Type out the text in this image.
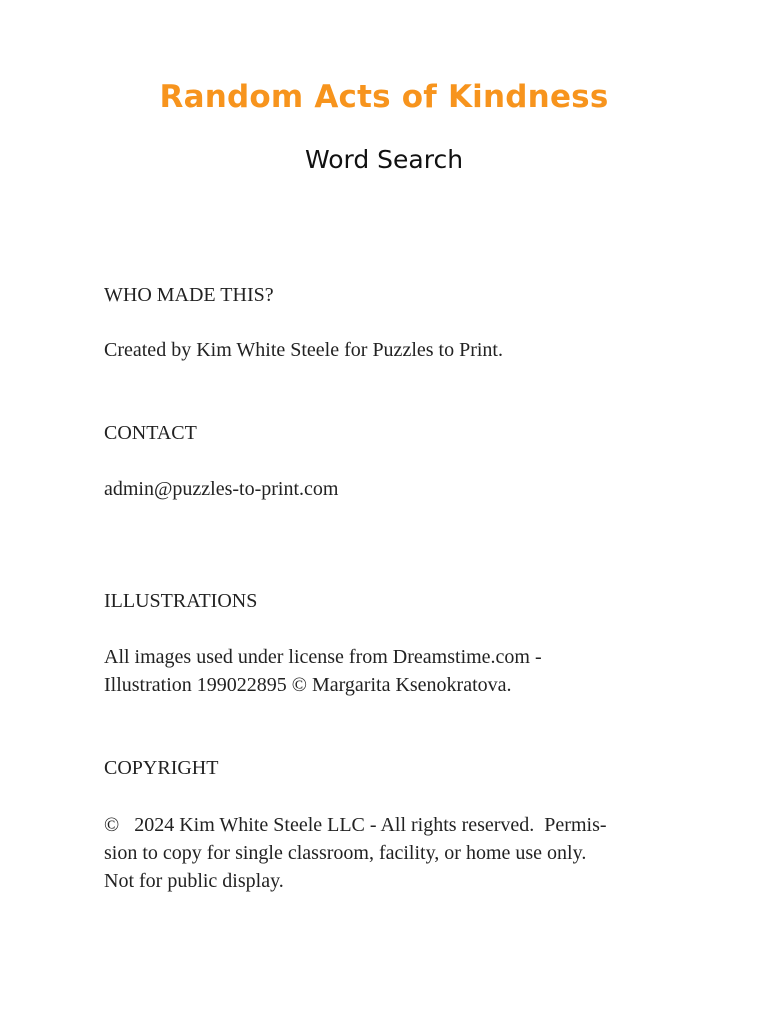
Random Acts of Kindness
Word Search
WHO MADE THIS?
Created by Kim White Steele for Puzzles to Print.
CONTACT
admin@puzzles-to-print.com
ILLUSTRATIONS
All images used under license from Dreamstime.com -
Illustration 199022895 © Margarita Ksenokratova.
COPYRIGHT
©   2024 Kim White Steele LLC - All rights reserved.  Permis-
sion to copy for single classroom, facility, or home use only.
Not for public display.
